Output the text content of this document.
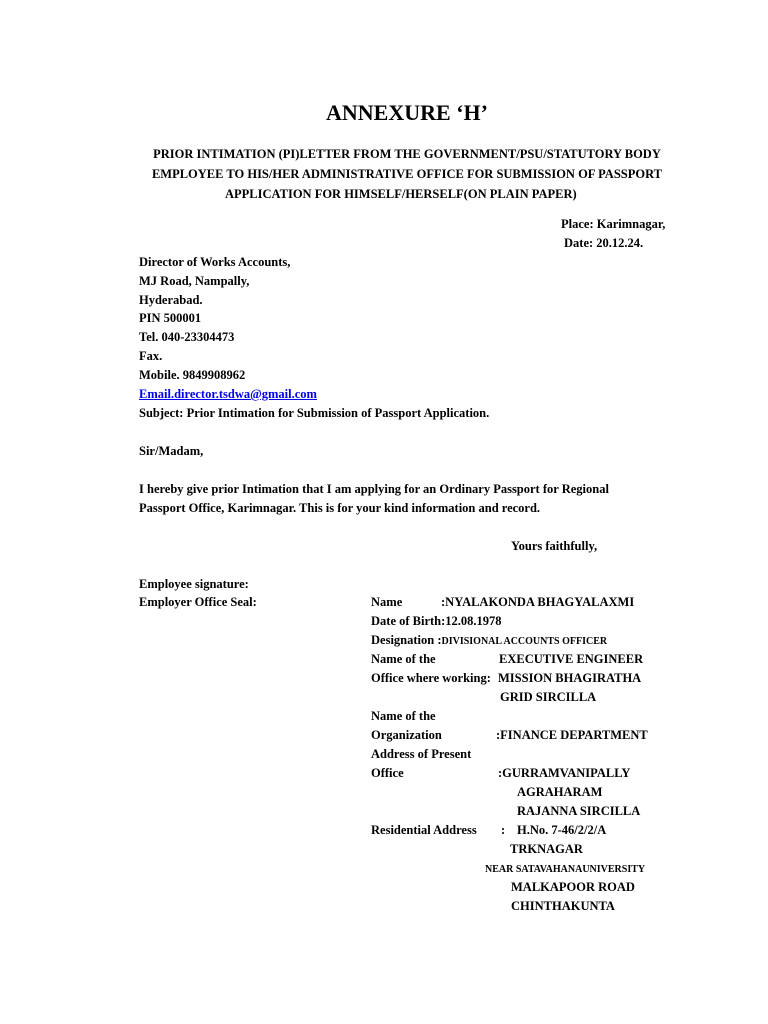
ANNEXURE ‘H’
PRIOR INTIMATION (PI)LETTER FROM THE GOVERNMENT/PSU/STATUTORY BODY
EMPLOYEE TO HIS/HER ADMINISTRATIVE OFFICE FOR SUBMISSION OF PASSPORT
APPLICATION FOR HIMSELF/HERSELF(ON PLAIN PAPER)
Place: Karimnagar,
Date: 20.12.24.
Director of Works Accounts,
MJ Road, Nampally,
Hyderabad.
PIN 500001
Tel. 040-23304473
Fax.
Mobile. 9849908962
Email.director.tsdwa@gmail.com
Subject: Prior Intimation for Submission of Passport Application.
Sir/Madam,
I hereby give prior Intimation that I am applying for an Ordinary Passport for Regional
Passport Office, Karimnagar. This is for your kind information and record.
Yours faithfully,
Employee signature:
Employer Office Seal:	Name	:NYALAKONDA BHAGYALAXMI
Date of Birth:12.08.1978
Designation :DIVISIONAL ACCOUNTS OFFICER
Name of the	EXECUTIVE ENGINEER
Office where working: MISSION BHAGIRATHA
GRID SIRCILLA
Name of the
Organization	:FINANCE DEPARTMENT
Address of Present
Office	:GURRAMVANIPALLY
AGRAHARAM
RAJANNA SIRCILLA
Residential Address : H.No. 7-46/2/2/A
TRKNAGAR
NEAR SATAVAHANAUNIVERSITY
MALKAPOOR ROAD
CHINTHAKUNTA
